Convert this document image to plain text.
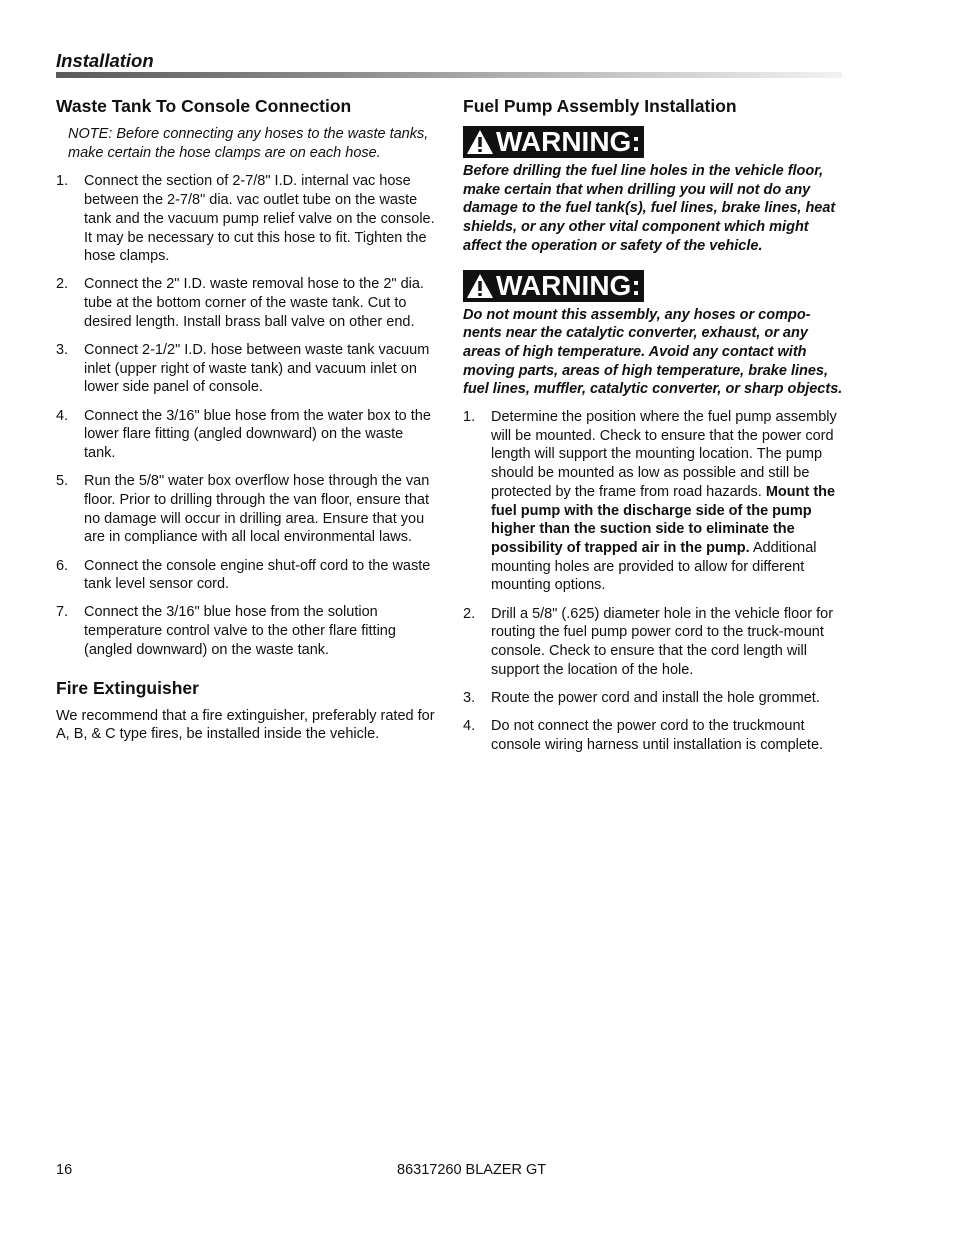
Installation
Waste Tank To Console Connection

NOTE: Before connecting any hoses to the waste tanks, make certain the hose clamps are on each hose.

1.	Connect the section of 2-7/8" I.D. internal vac hose between the 2-7/8" dia. vac outlet tube on the waste tank and the vacuum pump relief valve on the console. It may be necessary to cut this hose to fit. Tighten the hose clamps.
2.	Connect the 2" I.D. waste removal hose to the 2" dia. tube at the bottom corner of the waste tank. Cut to desired length. Install brass ball valve on other end.
3.	Connect 2-1/2" I.D. hose between waste tank vacuum inlet (upper right of waste tank) and vacuum inlet on lower side panel of console.
4.	Connect the 3/16" blue hose from the water box to the lower flare fitting (angled downward) on the waste tank.
5.	Run the 5/8" water box overflow hose through the van floor. Prior to drilling through the van floor, ensure that no damage will occur in drilling area. Ensure that you are in compliance with all local environmental laws.
6.	Connect the console engine shut-off cord to the waste tank level sensor cord.
7.	Connect the 3/16" blue hose from the solution temperature control valve to the other flare fitting (angled downward) on the waste tank.
Fire Extinguisher

We recommend that a fire extinguisher, preferably rated for A, B, & C type fires, be installed inside the vehicle.

Fuel Pump Assembly Installation
WARNING:

Before drilling the fuel line holes in the vehicle floor, make certain that when drilling you will not do any damage to the fuel tank(s), fuel lines, brake lines, heat shields, or any other vital component which might affect the operation or safety of the vehicle.

WARNING:

Do not mount this assembly, any hoses or compo-nents near the catalytic converter, exhaust, or any areas of high temperature. Avoid any contact with moving parts, areas of high temperature, brake lines, fuel lines, muffler, catalytic converter, or sharp objects.

1.	Determine the position where the fuel pump assembly will be mounted. Check to ensure that the power cord length will support the mounting location. The pump should be mounted as low as possible and still be protected by the frame from road hazards. Mount the fuel pump with the discharge side of the pump higher than the suction side to eliminate the possibility of trapped air in the pump. Additional mounting holes are provided to allow for different mounting options.
2.	Drill a 5/8" (.625) diameter hole in the vehicle floor for routing the fuel pump power cord to the truck-mount console. Check to ensure that the cord length will support the location of the hole.
3.	Route the power cord and install the hole grommet.
4.	Do not connect the power cord to the truckmount console wiring harness until installation is complete.
16	86317260 BLAZER GT
